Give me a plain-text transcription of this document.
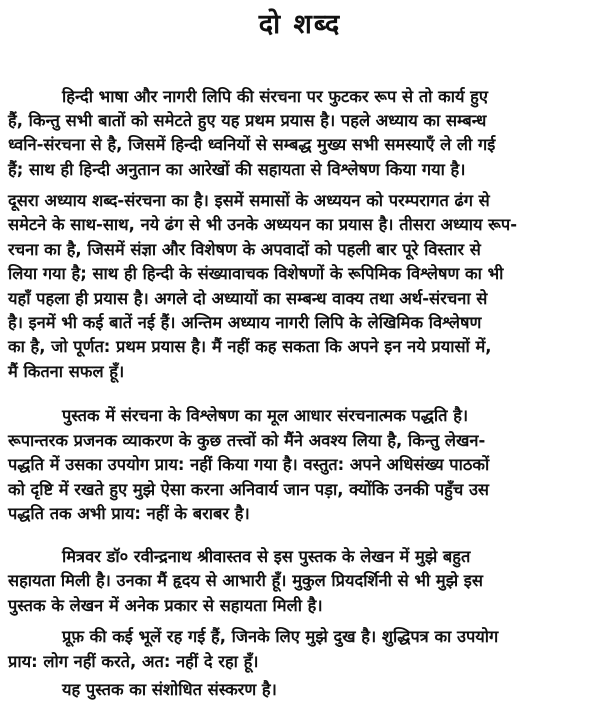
दो शब्द
हिन्दी भाषा और नागरी लिपि की संरचना पर फुटकर रूप से तो कार्य हुए
हैं, किन्तु सभी बातों को समेटते हुए यह प्रथम प्रयास है। पहले अध्याय का सम्बन्ध
ध्वनि-संरचना से है, जिसमें हिन्दी ध्वनियों से सम्बद्ध मुख्य सभी समस्याएँ ले ली गई
हैं; साथ ही हिन्दी अनुतान का आरेखों की सहायता से विश्लेषण किया गया है।
दूसरा अध्याय शब्द-संरचना का है। इसमें समासों के अध्ययन को परम्परागत ढंग से
समेटने के साथ-साथ, नये ढंग से भी उनके अध्ययन का प्रयास है। तीसरा अध्याय रूप-
रचना का है, जिसमें संज्ञा और विशेषण के अपवादों को पहली बार पूरे विस्तार से
लिया गया है; साथ ही हिन्दी के संख्यावाचक विशेषणों के रूपिमिक विश्लेषण का भी
यहाँ पहला ही प्रयास है। अगले दो अध्यायों का सम्बन्ध वाक्य तथा अर्थ-संरचना से
है। इनमें भी कई बातें नई हैं। अन्तिम अध्याय नागरी लिपि के लेखिमिक विश्लेषण
का है, जो पूर्णत: प्रथम प्रयास है। मैं नहीं कह सकता कि अपने इन नये प्रयासों में,
मैं कितना सफल हूँ।
पुस्तक में संरचना के विश्लेषण का मूल आधार संरचनात्मक पद्धति है।
रूपान्तरक प्रजनक व्याकरण के कुछ तत्त्वों को मैंने अवश्य लिया है, किन्तु लेखन-
पद्धति में उसका उपयोग प्राय: नहीं किया गया है। वस्तुत: अपने अधिसंख्य पाठकों
को दृष्टि में रखते हुए मुझे ऐसा करना अनिवार्य जान पड़ा, क्योंकि उनकी पहुँच उस
पद्धति तक अभी प्राय: नहीं के बराबर है।
मित्रवर डॉ० रवीन्द्रनाथ श्रीवास्तव से इस पुस्तक के लेखन में मुझे बहुत
सहायता मिली है। उनका मैं हृदय से आभारी हूँ। मुकुल प्रियदर्शिनी से भी मुझे इस
पुस्तक के लेखन में अनेक प्रकार से सहायता मिली है।
प्रूफ़ की कई भूलें रह गई हैं, जिनके लिए मुझे दुख है। शुद्धिपत्र का उपयोग
प्राय: लोग नहीं करते, अत: नहीं दे रहा हूँ।
यह पुस्तक का संशोधित संस्करण है।
